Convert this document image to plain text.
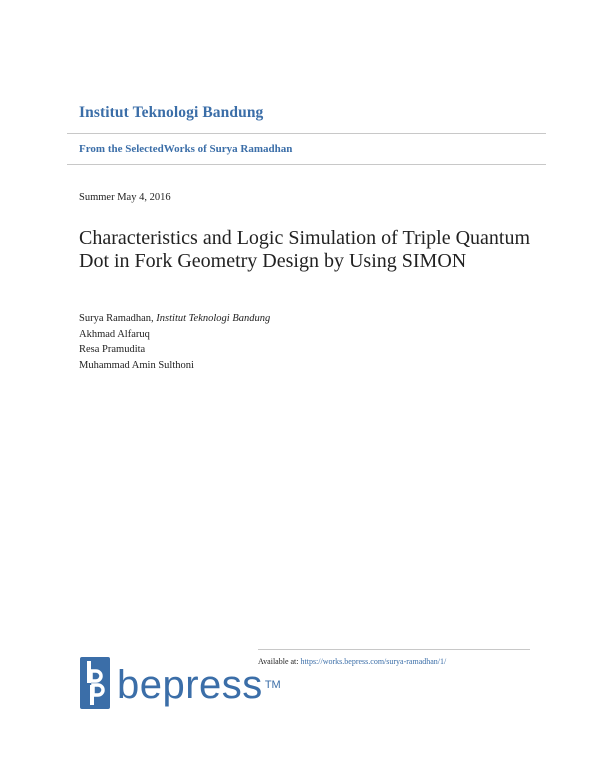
Institut Teknologi Bandung
From the SelectedWorks of Surya Ramadhan
Summer May 4, 2016
Characteristics and Logic Simulation of Triple Quantum Dot in Fork Geometry Design by Using SIMON
Surya Ramadhan, Institut Teknologi Bandung
Akhmad Alfaruq
Resa Pramudita
Muhammad Amin Sulthoni
Available at: https://works.bepress.com/surya-ramadhan/1/
bepress TM
